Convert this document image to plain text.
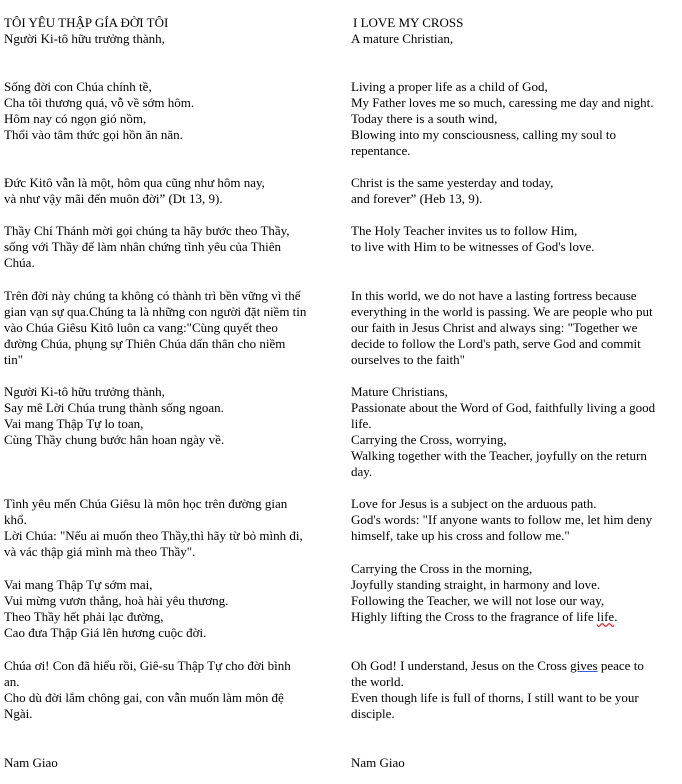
TÔI YÊU THẬP GÍA ĐỜI TÔI
Người Ki-tô hữu trưởng thành,
Sống đời con Chúa chính tề,
Cha tôi thương quá, vỗ về sớm hôm.
Hôm nay có ngọn gió nồm,
Thổi vào tâm thức gọi hồn ăn năn.
Đức Kitô vẫn là một, hôm qua cũng như hôm nay,
và như vậy mãi đến muôn đời” (Dt 13, 9).
Thầy Chí Thánh mời gọi chúng ta hãy bước theo Thầy,
sống với Thầy để làm nhân chứng tình yêu của Thiên
Chúa.
Trên đời này chúng ta không có thành trì bền vững vì thế
gian vạn sự qua.Chúng ta là những con người đặt niềm tin
vào Chúa Giêsu Kitô luôn ca vang:"Cùng quyết theo
đường Chúa, phụng sự Thiên Chúa dấn thân cho niềm
tin"
Người Ki-tô hữu trưởng thành,
Say mê Lời Chúa trung thành sống ngoan.
Vai mang Thập Tự lo toan,
Cùng Thầy chung bước hân hoan ngày về.
Tình yêu mến Chúa Giêsu là môn học trên đường gian
khổ.
Lời Chúa: "Nếu ai muốn theo Thầy,thì hãy từ bỏ mình đi,
và vác thập giá mình mà theo Thầy".
Vai mang Thập Tự sớm mai,
Vui mừng vươn thẳng, hoà hài yêu thương.
Theo Thầy hết phải lạc đường,
Cao đưa Thập Giá lên hương cuộc đời.
Chúa ơi! Con đã hiểu rồi, Giê-su Thập Tự cho đời bình
an.
Cho dù đời lắm chông gai, con vẫn muốn làm môn đệ
Ngài.
Nam Giao
I LOVE MY CROSS
A mature Christian,
Living a proper life as a child of God,
My Father loves me so much, caressing me day and night.
Today there is a south wind,
Blowing into my consciousness, calling my soul to
repentance.
Christ is the same yesterday and today,
and forever” (Heb 13, 9).
The Holy Teacher invites us to follow Him,
to live with Him to be witnesses of God's love.
In this world, we do not have a lasting fortress because
everything in the world is passing. We are people who put
our faith in Jesus Christ and always sing: "Together we
decide to follow the Lord's path, serve God and commit
ourselves to the faith"
Mature Christians,
Passionate about the Word of God, faithfully living a good
life.
Carrying the Cross, worrying,
Walking together with the Teacher, joyfully on the return
day.
Love for Jesus is a subject on the arduous path.
God's words: "If anyone wants to follow me, let him deny
himself, take up his cross and follow me."
Carrying the Cross in the morning,
Joyfully standing straight, in harmony and love.
Following the Teacher, we will not lose our way,
Highly lifting the Cross to the fragrance of life life.
Oh God! I understand, Jesus on the Cross gives peace to
the world.
Even though life is full of thorns, I still want to be your
disciple.
Nam Giao
